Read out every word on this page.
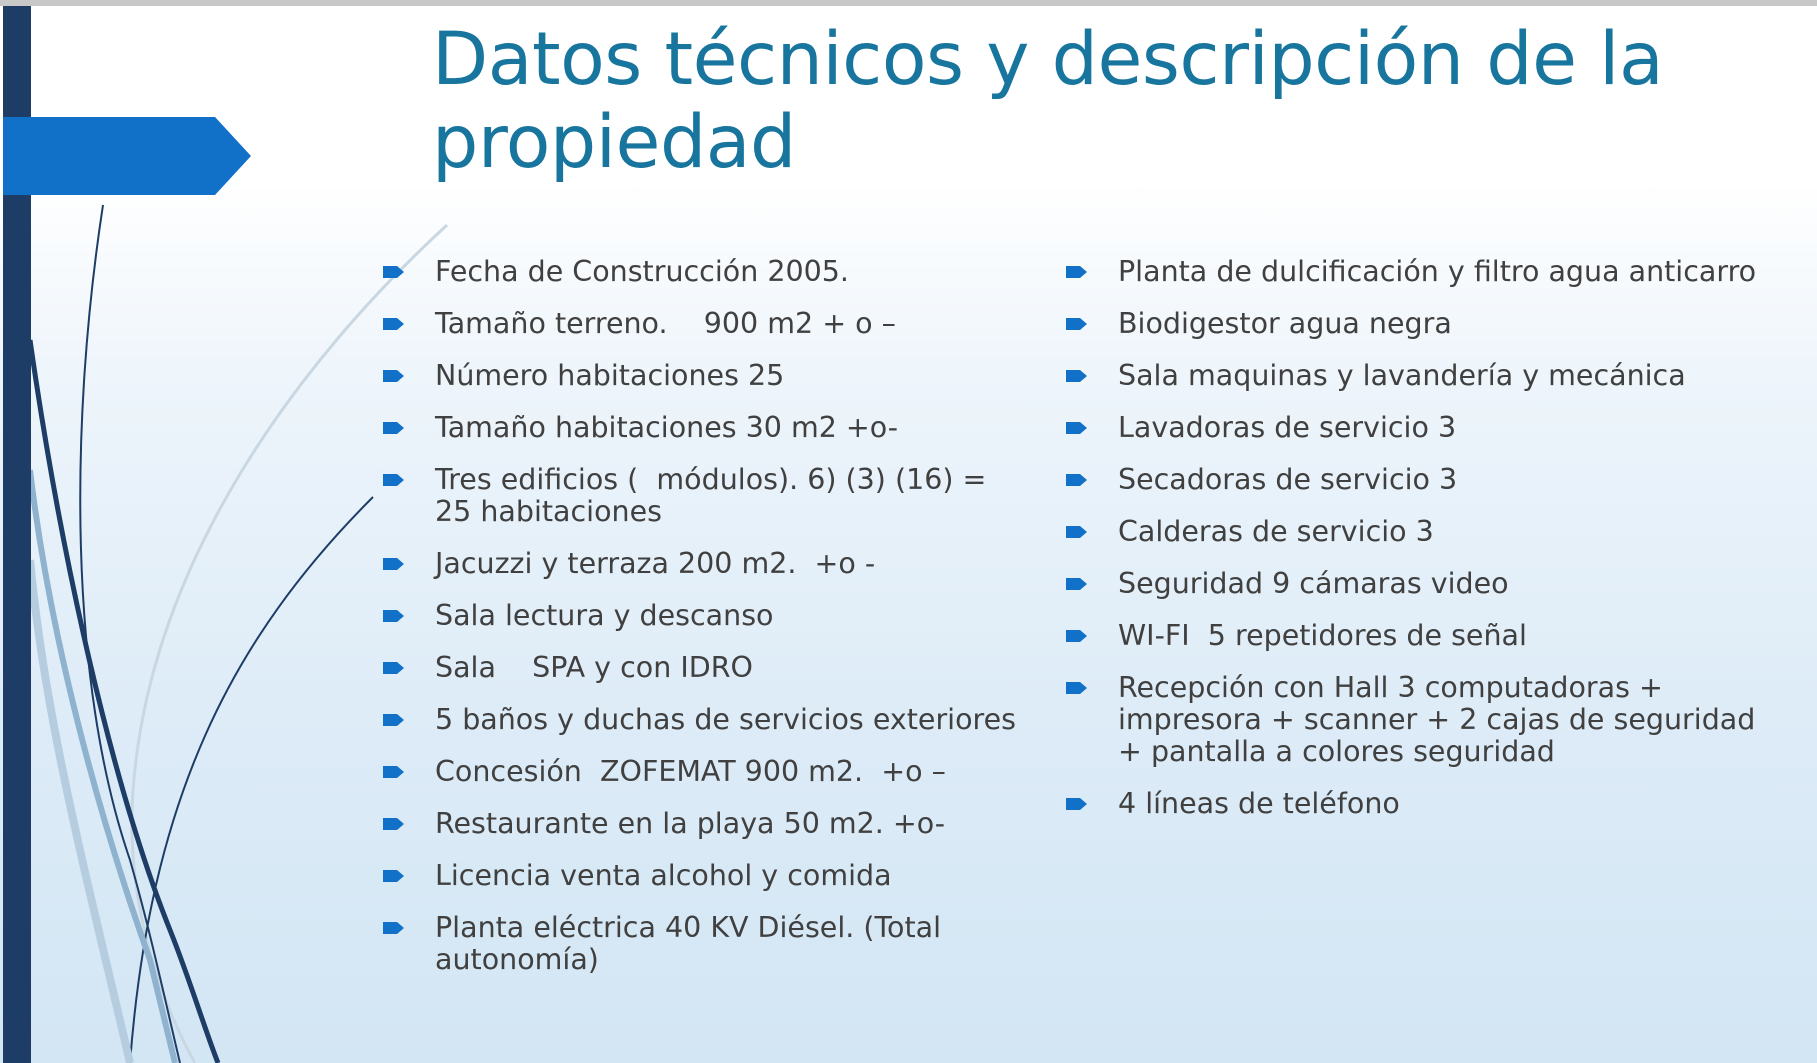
Datos técnicos y descripción de la propiedad
Fecha de Construcción 2005.
Tamaño terreno.    900 m2 + o –
Número habitaciones 25
Tamaño habitaciones 30 m2 +o-
Tres edificios (  módulos). 6) (3) (16) = 25 habitaciones
Jacuzzi y terraza 200 m2.  +o -
Sala lectura y descanso
Sala    SPA y con IDRO
5 baños y duchas de servicios exteriores
Concesión  ZOFEMAT 900 m2.  +o –
Restaurante en la playa 50 m2. +o-
Licencia venta alcohol y comida
Planta eléctrica 40 KV Diésel. (Total autonomía)
Planta de dulcificación y filtro agua anticarro
Biodigestor agua negra
Sala maquinas y lavandería y mecánica
Lavadoras de servicio 3
Secadoras de servicio 3
Calderas de servicio 3
Seguridad 9 cámaras video
WI-FI  5 repetidores de señal
Recepción con Hall 3 computadoras + impresora + scanner + 2 cajas de seguridad + pantalla a colores seguridad
4 líneas de teléfono
